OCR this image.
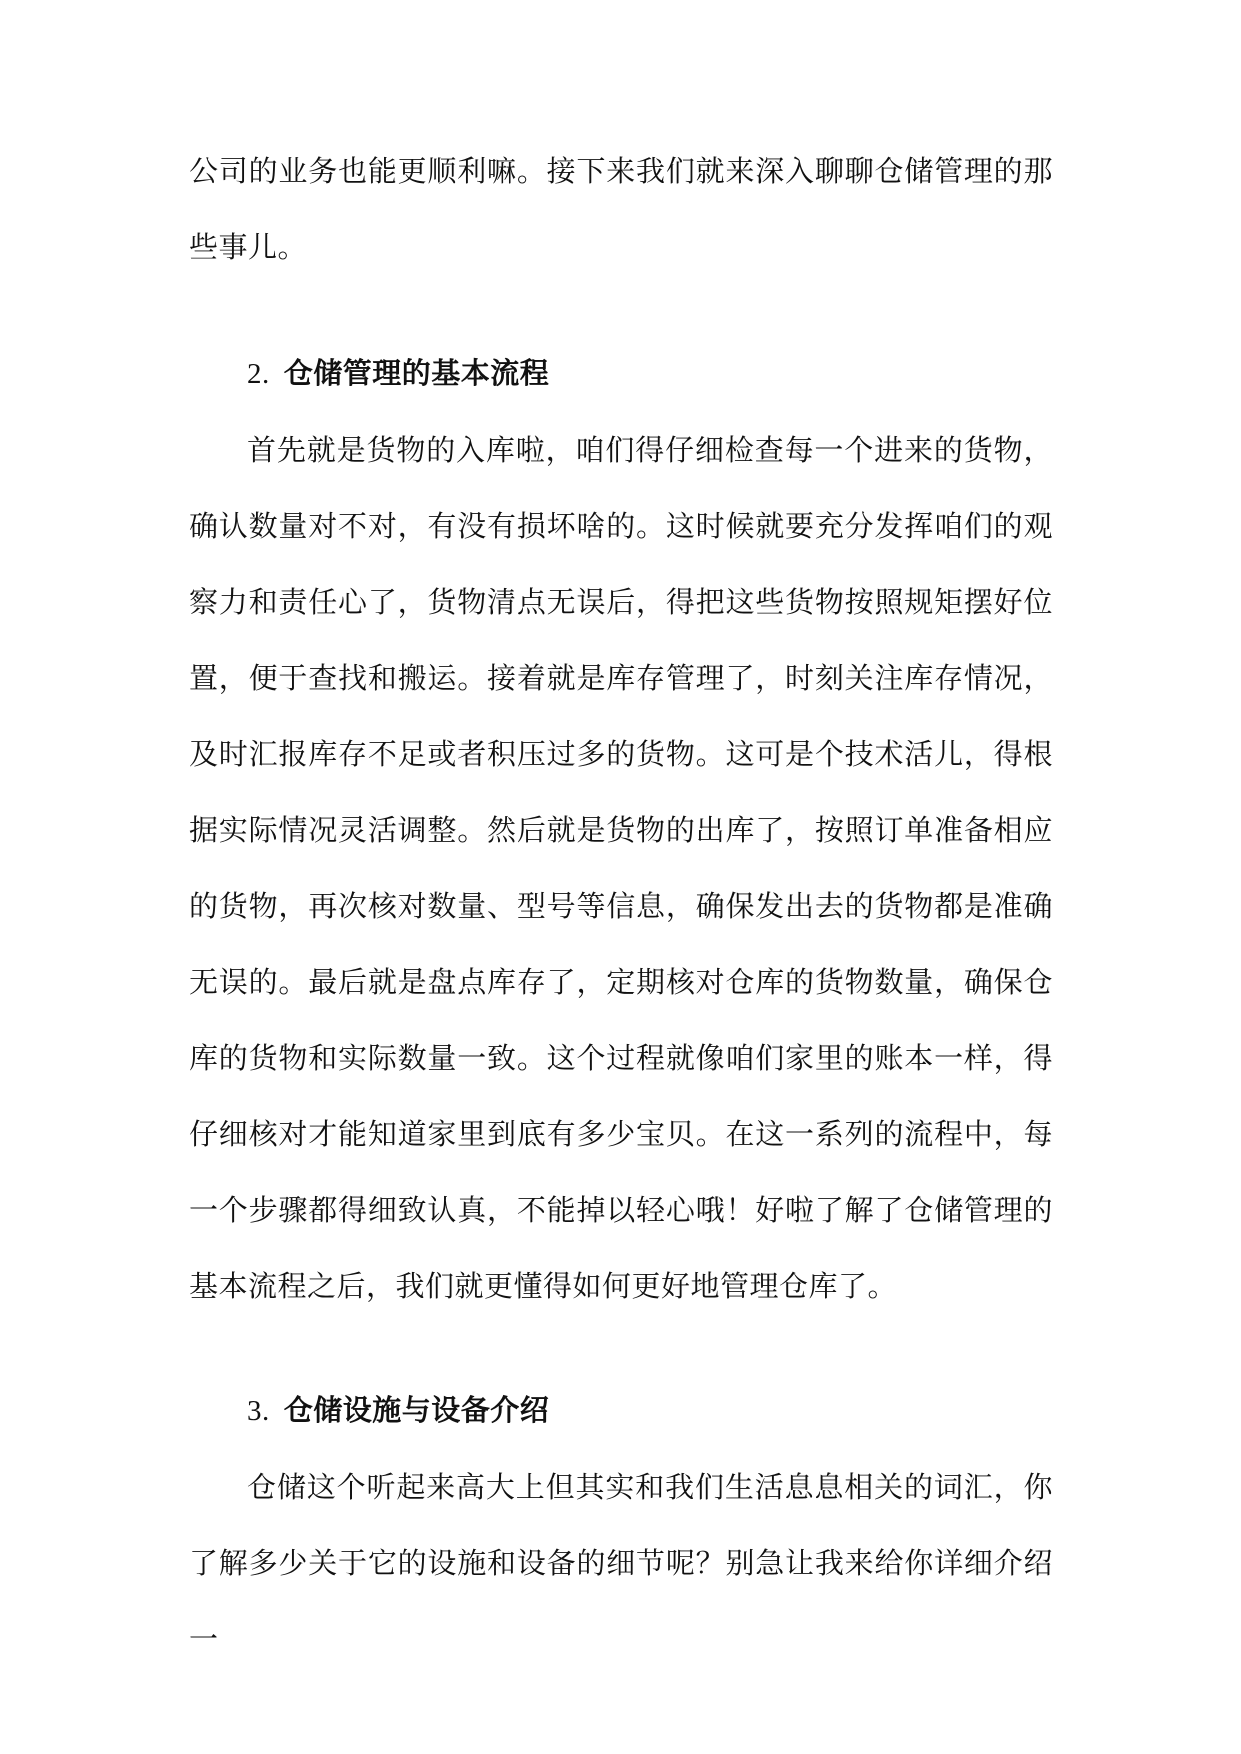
公司的业务也能更顺利嘛。接下来我们就来深入聊聊仓储管理的那些事儿。

2. 仓储管理的基本流程

首先就是货物的入库啦，咱们得仔细检查每一个进来的货物，确认数量对不对，有没有损坏啥的。这时候就要充分发挥咱们的观察力和责任心了，货物清点无误后，得把这些货物按照规矩摆好位置，便于查找和搬运。接着就是库存管理了，时刻关注库存情况，及时汇报库存不足或者积压过多的货物。这可是个技术活儿，得根据实际情况灵活调整。然后就是货物的出库了，按照订单准备相应的货物，再次核对数量、型号等信息，确保发出去的货物都是准确无误的。最后就是盘点库存了，定期核对仓库的货物数量，确保仓库的货物和实际数量一致。这个过程就像咱们家里的账本一样，得仔细核对才能知道家里到底有多少宝贝。在这一系列的流程中，每一个步骤都得细致认真，不能掉以轻心哦！好啦了解了仓储管理的基本流程之后，我们就更懂得如何更好地管理仓库了。

3. 仓储设施与设备介绍

仓储这个听起来高大上但其实和我们生活息息相关的词汇，你了解多少关于它的设施和设备的细节呢？别急让我来给你详细介绍一
